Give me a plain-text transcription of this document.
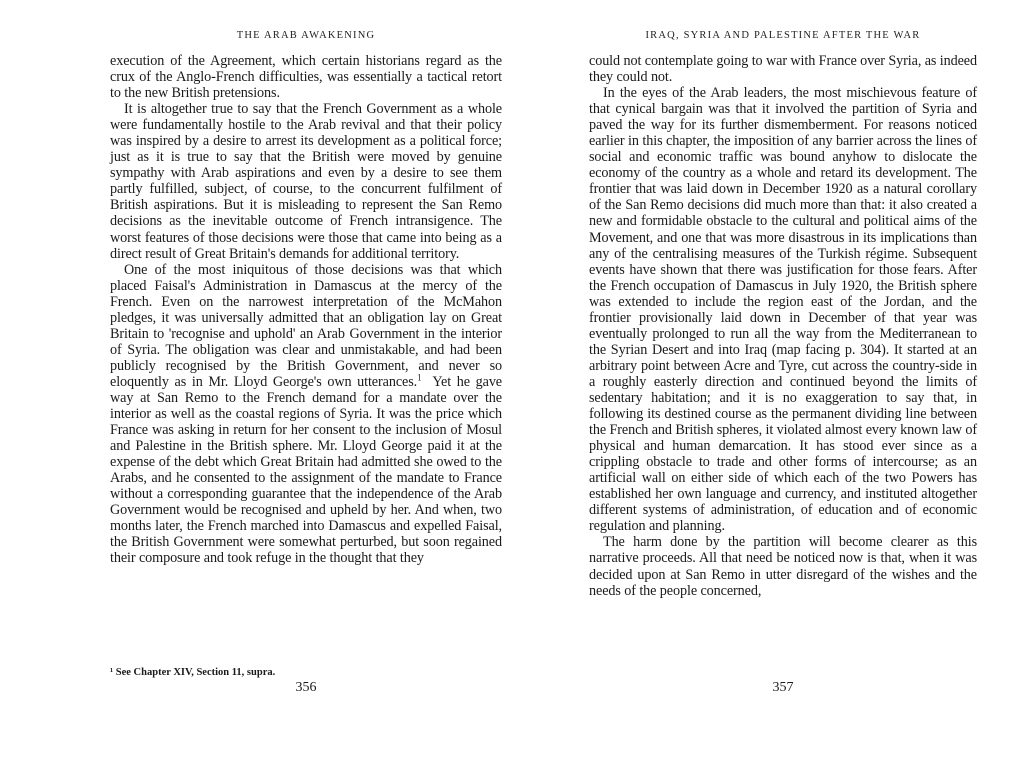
THE ARAB AWAKENING

execution of the Agreement, which certain historians regard as the crux of the Anglo-French difficulties, was essentially a tactical retort to the new British pretensions.

It is altogether true to say that the French Government as a whole were fundamentally hostile to the Arab revival and that their policy was inspired by a desire to arrest its development as a political force; just as it is true to say that the British were moved by genuine sympathy with Arab aspirations and even by a desire to see them partly fulfilled, subject, of course, to the concurrent fulfilment of British aspirations. But it is misleading to represent the San Remo decisions as the inevitable outcome of French intransigence. The worst features of those decisions were those that came into being as a direct result of Great Britain's demands for additional territory.

One of the most iniquitous of those decisions was that which placed Faisal's Administration in Damascus at the mercy of the French. Even on the narrowest interpretation of the McMahon pledges, it was universally admitted that an obligation lay on Great Britain to 'recognise and uphold' an Arab Government in the interior of Syria. The obligation was clear and unmistakable, and had been publicly recognised by the British Government, and never so eloquently as in Mr. Lloyd George's own utterances.$^1$ Yet he gave way at San Remo to the French demand for a mandate over the interior as well as the coastal regions of Syria. It was the price which France was asking in return for her consent to the inclusion of Mosul and Palestine in the British sphere. Mr. Lloyd George paid it at the expense of the debt which Great Britain had admitted she owed to the Arabs, and he consented to the assignment of the mandate to France without a corresponding guarantee that the independence of the Arab Government would be recognised and upheld by her. And when, two months later, the French marched into Damascus and expelled Faisal, the British Government were somewhat perturbed, but soon regained their composure and took refuge in the thought that they

¹ See Chapter XIV, Section 11, supra.
356
IRAQ, SYRIA AND PALESTINE AFTER THE WAR

could not contemplate going to war with France over Syria, as indeed they could not.

In the eyes of the Arab leaders, the most mischievous feature of that cynical bargain was that it involved the partition of Syria and paved the way for its further dismemberment. For reasons noticed earlier in this chapter, the imposition of any barrier across the lines of social and economic traffic was bound anyhow to dislocate the economy of the country as a whole and retard its development. The frontier that was laid down in December 1920 as a natural corollary of the San Remo decisions did much more than that: it also created a new and formidable obstacle to the cultural and political aims of the Movement, and one that was more disastrous in its implications than any of the centralising measures of the Turkish régime. Subsequent events have shown that there was justification for those fears. After the French occupation of Damascus in July 1920, the British sphere was extended to include the region east of the Jordan, and the frontier provisionally laid down in December of that year was eventually prolonged to run all the way from the Mediterranean to the Syrian Desert and into Iraq (map facing p. 304). It started at an arbitrary point between Acre and Tyre, cut across the country-side in a roughly easterly direction and continued beyond the limits of sedentary habitation; and it is no exaggeration to say that, in following its destined course as the permanent dividing line between the French and British spheres, it violated almost every known law of physical and human demarcation. It has stood ever since as a crippling obstacle to trade and other forms of intercourse; as an artificial wall on either side of which each of the two Powers has established her own language and currency, and instituted altogether different systems of administration, of education and of economic regulation and planning.

The harm done by the partition will become clearer as this narrative proceeds. All that need be noticed now is that, when it was decided upon at San Remo in utter disregard of the wishes and the needs of the people concerned,

357
